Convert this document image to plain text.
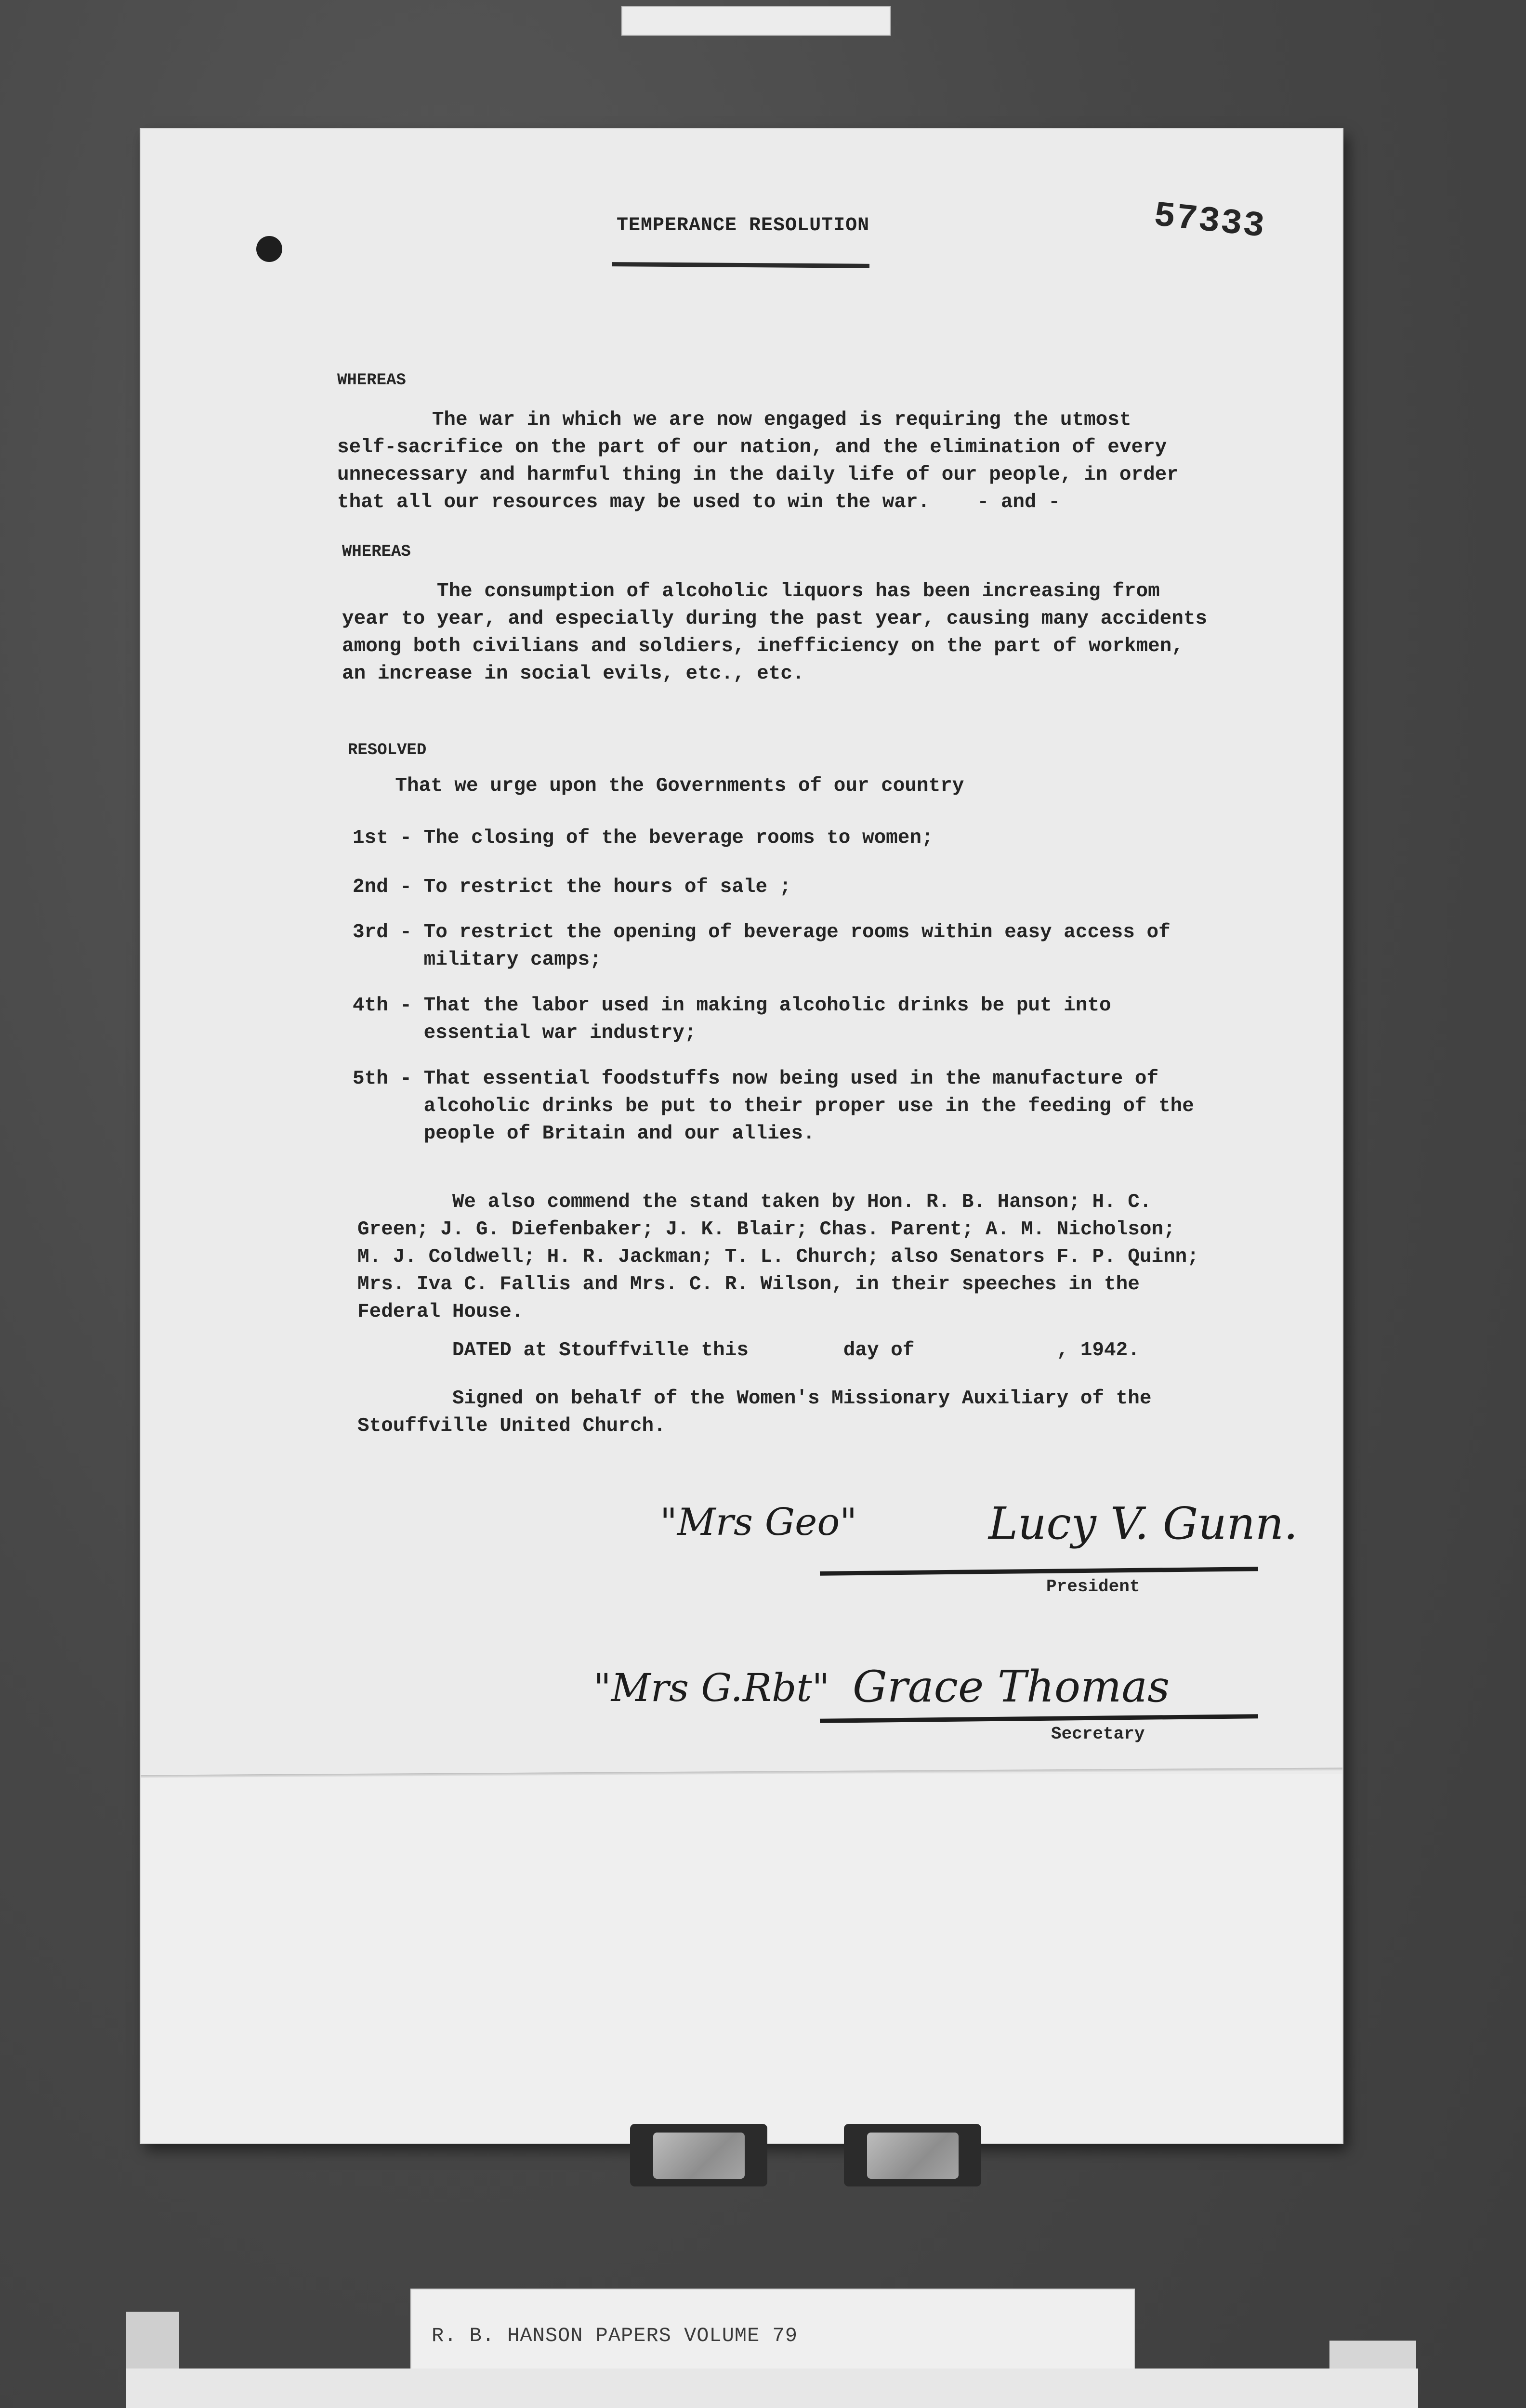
57333
TEMPERANCE RESOLUTION
WHEREAS
The war in which we are now engaged is requiring the utmost
self-sacrifice on the part of our nation, and the elimination of every
unnecessary and harmful thing in the daily life of our people, in order
that all our resources may be used to win the war.    - and -
WHEREAS
The consumption of alcoholic liquors has been increasing from
year to year, and especially during the past year, causing many accidents
among both civilians and soldiers, inefficiency on the part of workmen,
an increase in social evils, etc., etc.
RESOLVED
That we urge upon the Governments of our country
1st - The closing of the beverage rooms to women;
2nd - To restrict the hours of sale ;
3rd - To restrict the opening of beverage rooms within easy access of
military camps;
4th - That the labor used in making alcoholic drinks be put into
essential war industry;
5th - That essential foodstuffs now being used in the manufacture of
alcoholic drinks be put to their proper use in the feeding of the
people of Britain and our allies.
We also commend the stand taken by Hon. R. B. Hanson; H. C.
Green; J. G. Diefenbaker; J. K. Blair; Chas. Parent; A. M. Nicholson;
M. J. Coldwell; H. R. Jackman; T. L. Church; also Senators F. P. Quinn;
Mrs. Iva C. Fallis and Mrs. C. R. Wilson, in their speeches in the
Federal House.
DATED at Stouffville this        day of            , 1942.
Signed on behalf of the Women's Missionary Auxiliary of the
Stouffville United Church.
"Mrs Geo"	Lucy V. Gunn.
President
"Mrs G.Rbt" Grace Thomas
Secretary
R. B. HANSON PAPERS VOLUME 79
